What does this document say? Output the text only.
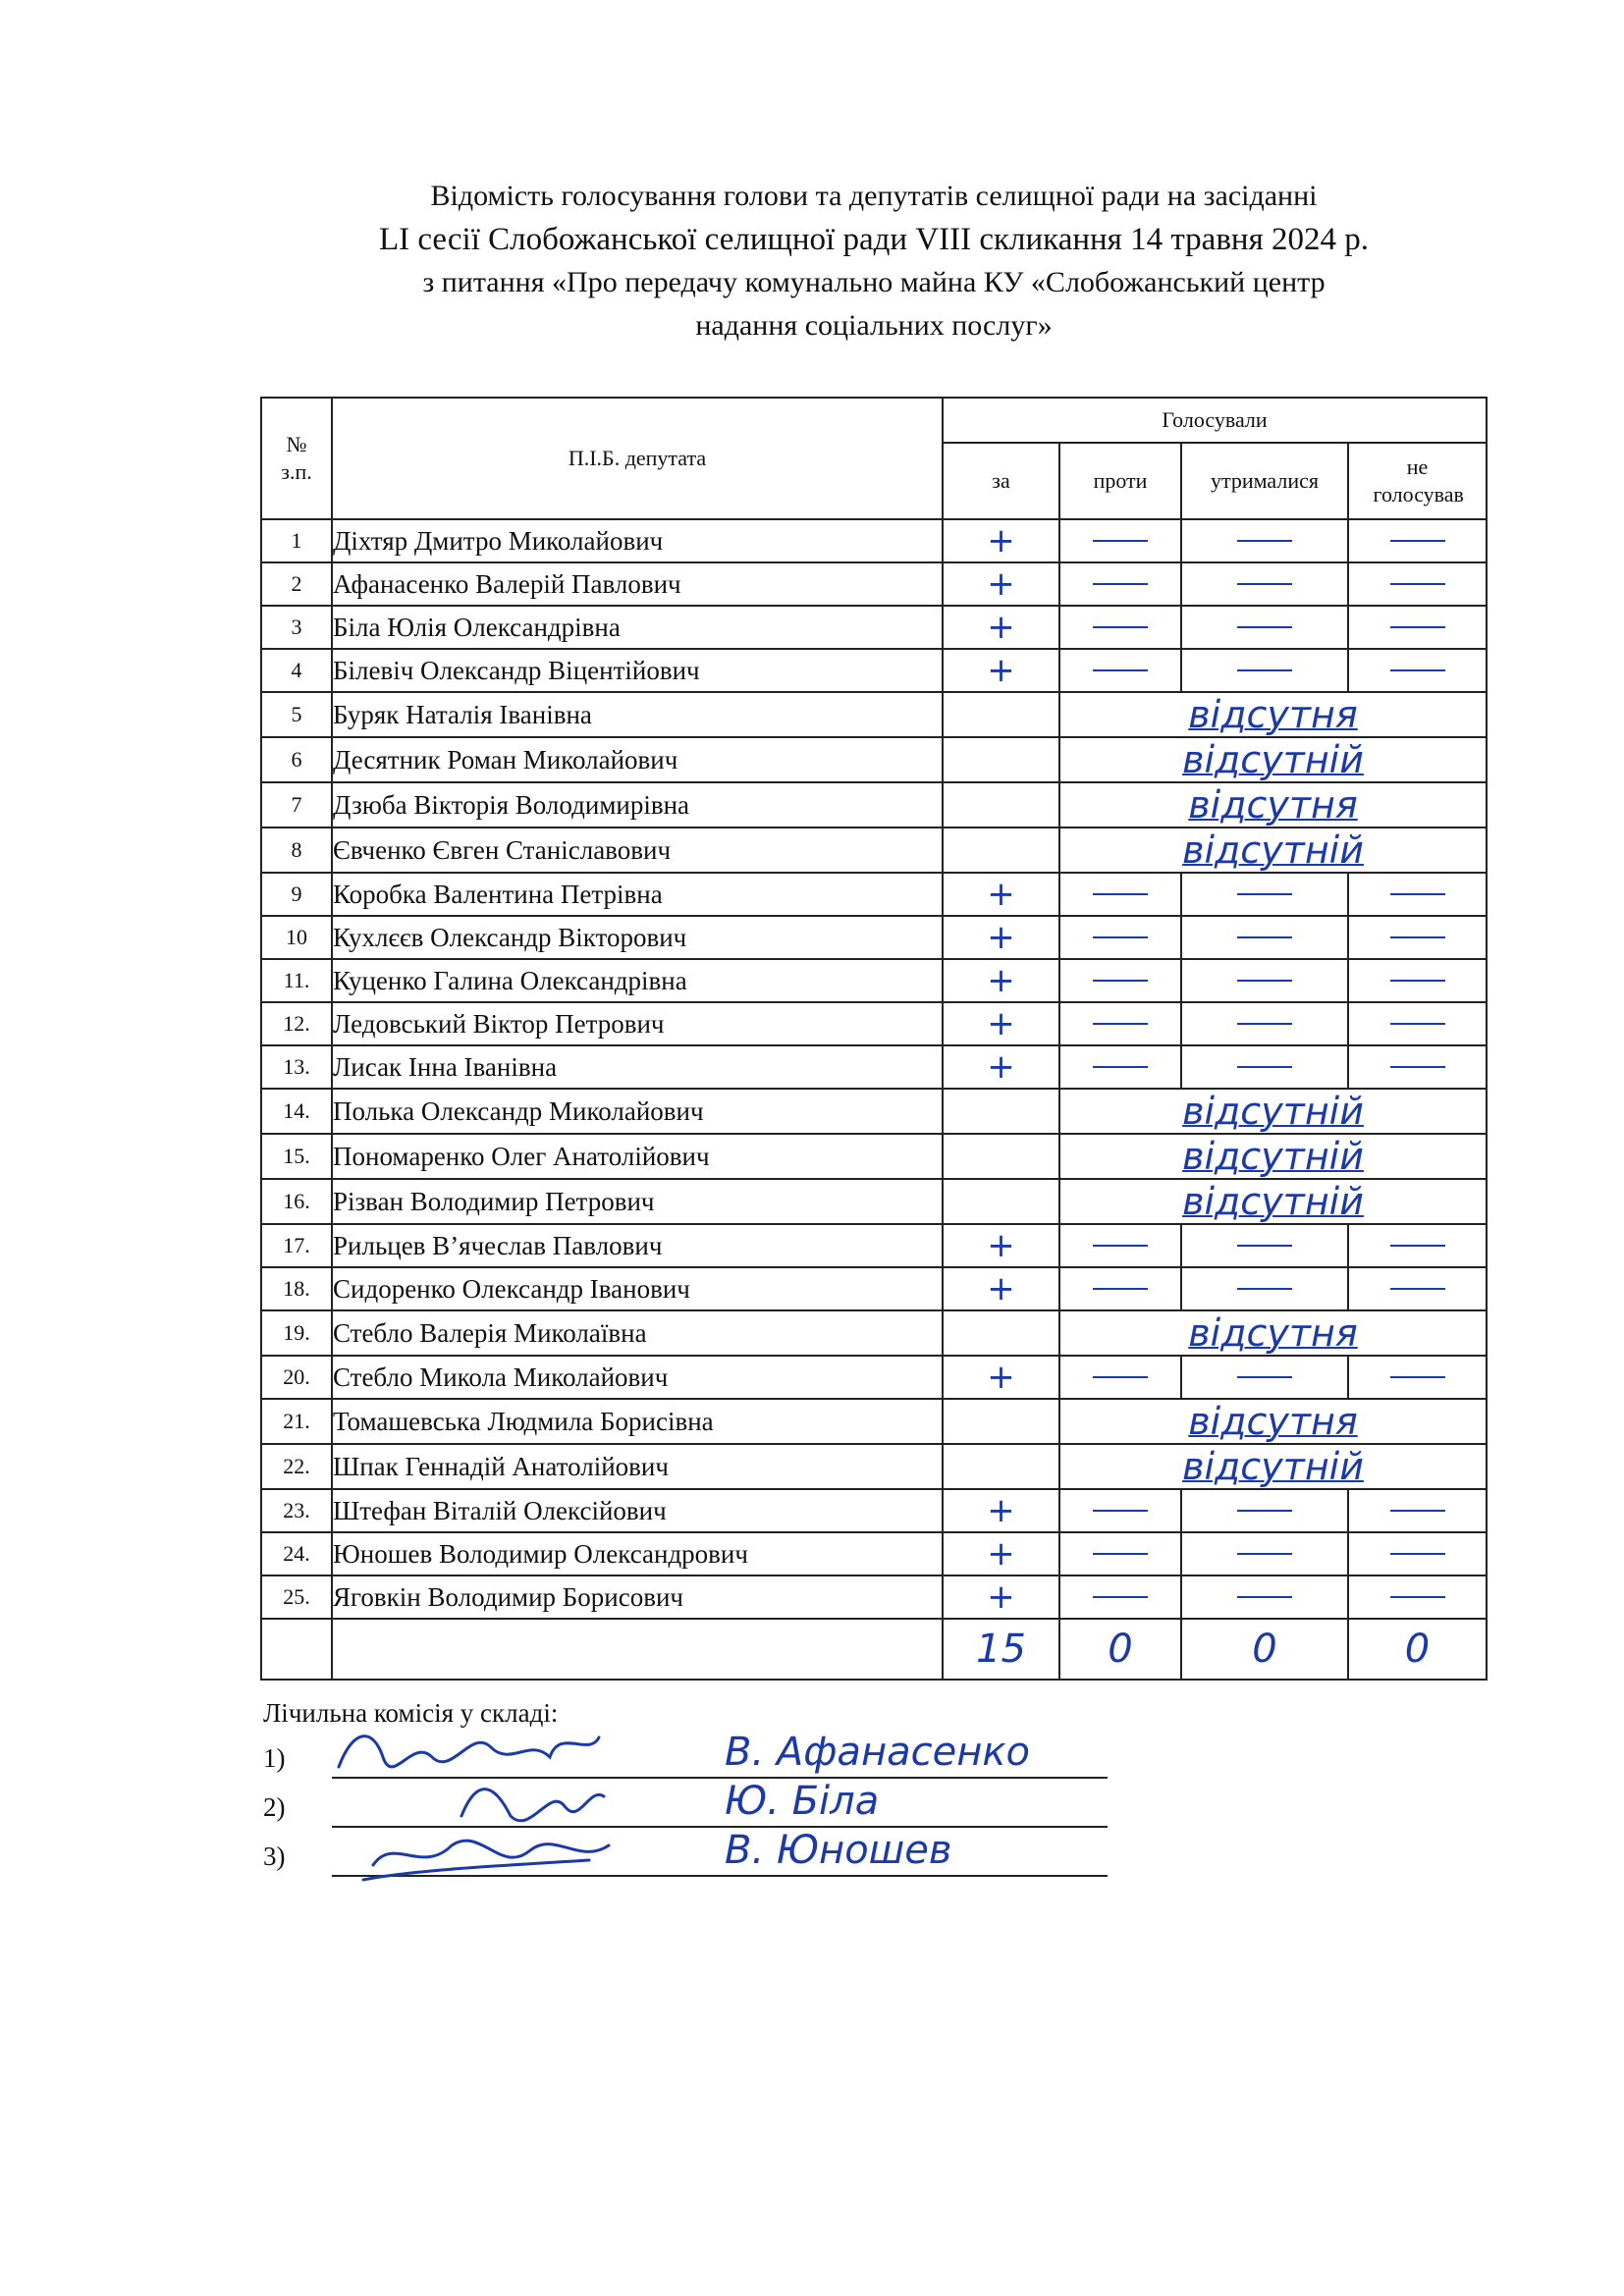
Відомість голосування голови та депутатів селищної ради на засіданні
LI сесії Слобожанської селищної ради VIII скликання 14 травня 2024 р.
з питання «Про передачу комунально майна КУ «Слобожанський центр
надання соціальних послуг»
№ з.п.	П.І.Б. депутата	Голосували			
		за	проти	утрималися	не голосував
1	Діхтяр Дмитро Миколайович	+			
2	Афанасенко Валерій Павлович	+			
3	Біла Юлія Олександрівна	+			
4	Білевіч Олександр Віцентійович	+			
5	Буряк Наталія Іванівна		відсутня		
6	Десятник Роман Миколайович		відсутній		
7	Дзюба Вікторія Володимирівна		відсутня		
8	Євченко Євген Станіславович		відсутній		
9	Коробка Валентина Петрівна	+			
10	Кухлєєв Олександр Вікторович	+			
11.	Куценко Галина Олександрівна	+			
12.	Ледовський Віктор Петрович	+			
13.	Лисак Інна Іванівна	+			
14.	Полька Олександр Миколайович		відсутній		
15.	Пономаренко Олег Анатолійович		відсутній		
16.	Різван Володимир Петрович		відсутній		
17.	Рильцев В’ячеслав Павлович	+			
18.	Сидоренко Олександр Іванович	+			
19.	Стебло Валерія Миколаївна		відсутня		
20.	Стебло Микола Миколайович	+			
21.	Томашевська Людмила Борисівна		відсутня		
22.	Шпак Геннадій Анатолійович		відсутній		
23.	Штефан Віталій Олексійович	+			
24.	Юношев Володимир Олександрович	+			
25.	Яговкін Володимир Борисович	+			
		15	0	0	0
Лічильна комісія у складі:
1)	В. Афанасенко
2)	Ю. Біла
3)	В. Юношев
